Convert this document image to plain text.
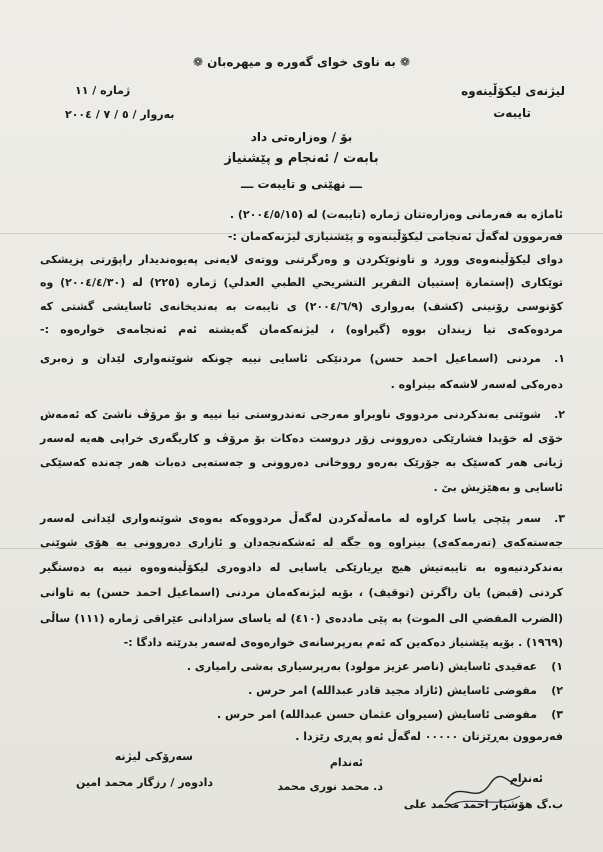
❁ بە ناوی خوای گەورە و میهرەبان ❁
لیژنەی لیکۆڵینەوە
تایبەت
ژمارە / ١١
بەروار / ٥ / ٧ / ٢٠٠٤
بۆ / وەزارەتی داد
بابەت / ئەنجام و پێشنیاز
ـــ نهێنی و تایبەت ـــ
ئاماژە بە فەرمانی وەزارەتتان ژمارە (تایبەت) لە (٢٠٠٤/٥/١٥) .
فەرموون لەگەڵ ئەنجامی لیکۆڵینەوە و پێشنیازی لیژنەکەمان :-
دوای لیکۆڵینەوەی وورد و تاوتوێکردن و وەرگرتنی ووتەی لایەنی پەیوەندیدار راپۆرتی پزیشکی
توێکاری (إستمارة إستبيان التقرير التشريحي الطبي العدلي) ژمارە (٢٢٥) لە (٢٠٠٤/٤/٣٠) وە
کۆنوسی رۆنینی (کشف) بەرواری (٢٠٠٤/٦/٩) ی تایبەت بە بەندیخانەی ئاسایشی گشتی کە
مردوەکەی تیا زیندان بووە (گیراوە) ، لیژنەکەمان گەیشتە ئەم ئەنجامەی خوارەوە :-
١.
مردنی (اسماعيل احمد حسن) مردنێکی ئاسایی نییە چونکە شوێنەواری لێدان و زەبری
دەرەکی لەسەر لاشەکە بینراوە .
٢.
شوێنی بەندکردنی مردووی ناوبراو مەرجی تەندروستی تیا نییە و بۆ مرۆڤ ناشێ کە ئەمەش
خۆی لە خۆیدا فشارێکی دەروونی زۆر دروست دەکات بۆ مرۆڤ و کاریگەری خراپی هەیە لەسەر
ژیانی هەر کەسێک بە جۆرێک بەرەو رووخانی دەروونی و جەستەیی دەبات هەر چەندە کەسێکی
ئاسایی و بەهێزیش بێ .
٣.
سەر پێچی یاسا کراوە لە مامەڵەکردن لەگەڵ مردووەکە بەوەی شوێنەواری لێدانی لەسەر
جەستەکەی (تەرمەکەی) بینراوە وە جگە لە ئەشکەنجەدان و ئازاری دەروونی بە هۆی شوێنی
بەندکردنیەوە بە تایبەتیش هیچ بڕیارێکی یاسایی لە دادوەری لیکۆڵینەوەوە نییە بە دەستگیر
کردنی (قبض) یان راگرتن (توقيف) ، بۆیە لیژنەکەمان مردنی (اسماعيل احمد حسن) بە تاوانی
(الضرب المفضي الى الموت) بە پێی ماددەی (٤١٠) لە یاسای سزادانی عێراقی ژمارە (١١١) ساڵی
(١٩٦٩) . بۆیە پێشنیاز دەکەین کە ئەم بەرپرسانەی خوارەوەی لەسەر بدرێتە دادگا :-
١)
عەقیدی ئاسایش (ناصر عزيز مولود) بەرپرسیاری بەشی راميارى .
٢)
مفوضی ئاسایش (ئازاد مجيد قادر عبدالله) امر حرس .
٣)
مفوضی ئاسایش (سيروان عثمان حسن عبدالله) امر حرس .
فەرموون بەڕێزتان ٠٠٠٠٠ لەگەڵ ئەو پەڕی رێزدا .
ئەندام
ب.گ هۆشیار احمد محمد علی
ئەندام
د. محمد نوری محمد
سەرۆکی لیژنە
دادوەر / رزگار محمد امین
